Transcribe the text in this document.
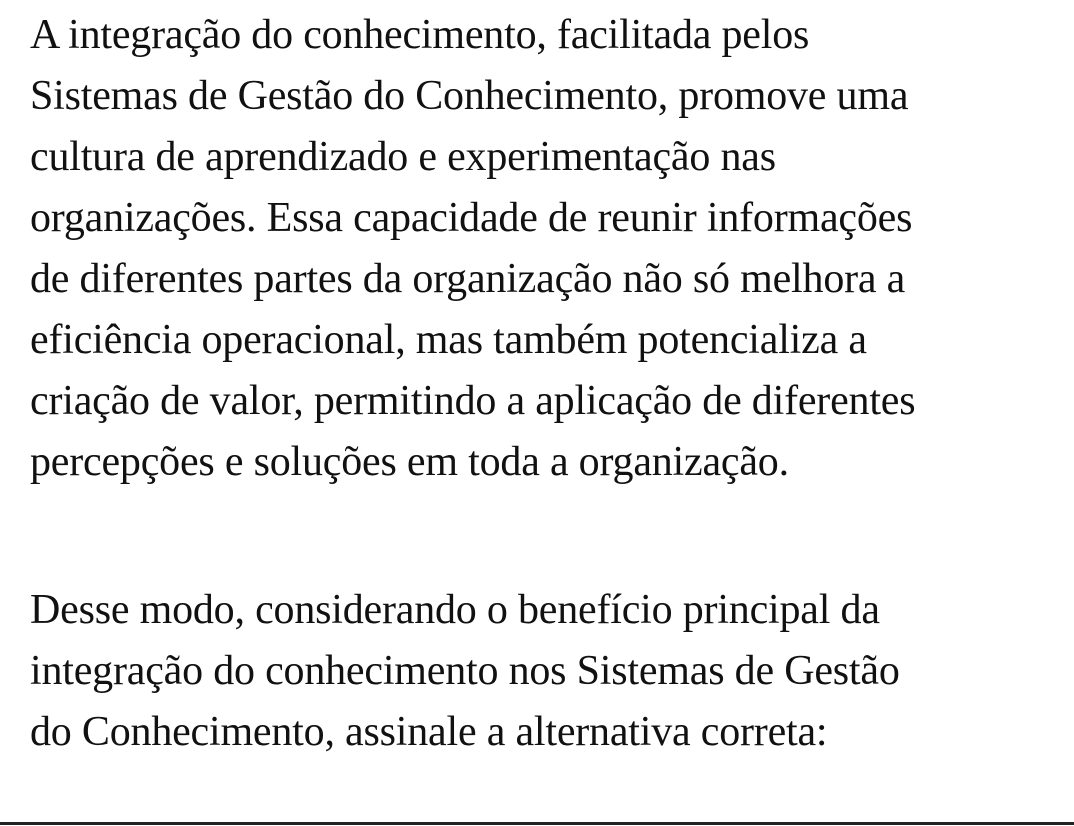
A integração do conhecimento, facilitada pelos
Sistemas de Gestão do Conhecimento, promove uma
cultura de aprendizado e experimentação nas
organizações. Essa capacidade de reunir informações
de diferentes partes da organização não só melhora a
eficiência operacional, mas também potencializa a
criação de valor, permitindo a aplicação de diferentes
percepções e soluções em toda a organização.
Desse modo, considerando o benefício principal da
integração do conhecimento nos Sistemas de Gestão
do Conhecimento, assinale a alternativa correta:
